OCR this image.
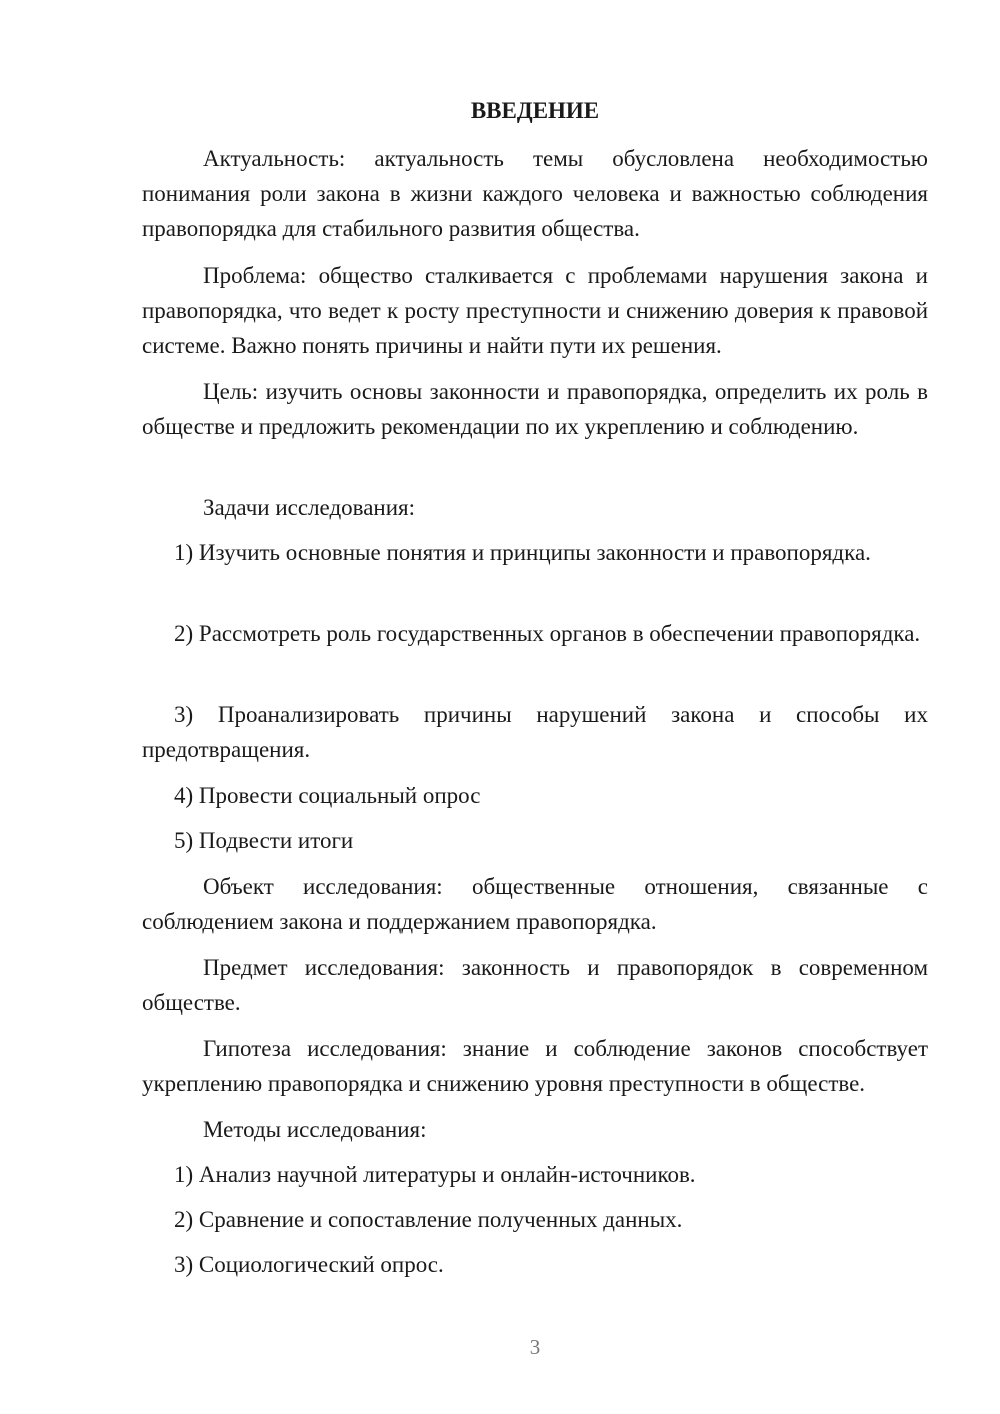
ВВЕДЕНИЕ

Актуальность: актуальность темы обусловлена необходимостью понимания роли закона в жизни каждого человека и важностью соблюдения правопорядка для стабильного развития общества.

Проблема: общество сталкивается с проблемами нарушения закона и правопорядка, что ведет к росту преступности и снижению доверия к правовой системе. Важно понять причины и найти пути их решения.

Цель: изучить основы законности и правопорядка, определить их роль в обществе и предложить рекомендации по их укреплению и соблюдению.

Задачи исследования:

1) Изучить основные понятия и принципы законности и правопорядка.

2) Рассмотреть роль государственных органов в обеспечении правопорядка.

3) Проанализировать причины нарушений закона и способы их предотвращения.

4) Провести социальный опрос

5) Подвести итоги

Объект исследования: общественные отношения, связанные с соблюдением закона и поддержанием правопорядка.

Предмет исследования: законность и правопорядок в современном обществе.

Гипотеза исследования: знание и соблюдение законов способствует укреплению правопорядка и снижению уровня преступности в обществе.

Методы исследования:

1) Анализ научной литературы и онлайн-источников.

2) Сравнение и сопоставление полученных данных.

3) Социологический опрос.

3
